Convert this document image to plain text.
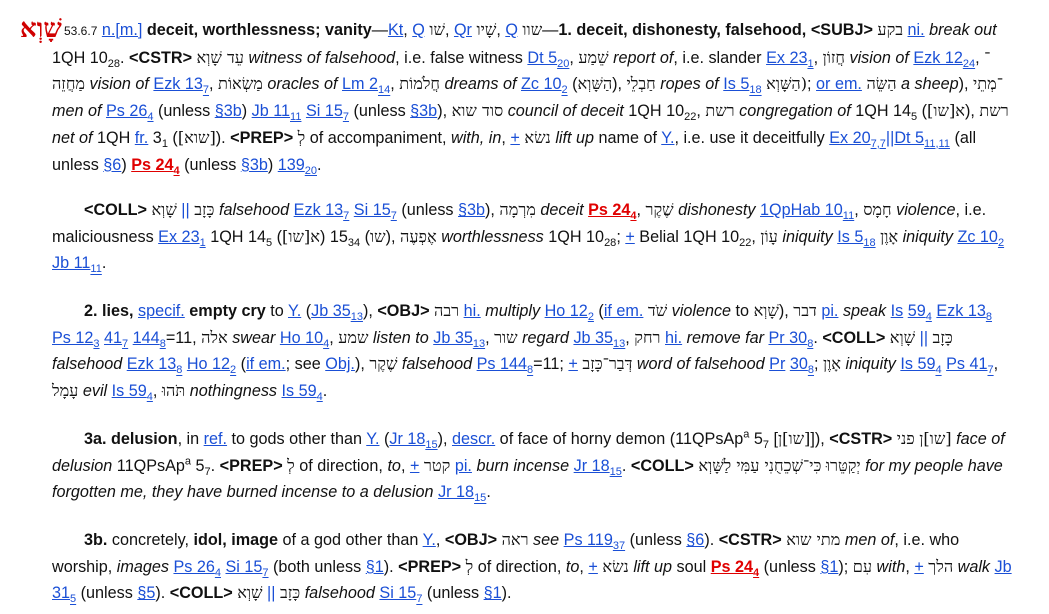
שָׁוְא 53.6.7 n.[m.] deceit, worthlessness; vanity—Kt, Q שׁו, Qr שָׁיו, Q שוו—1. deceit, dishonesty, falsehood, <SUBJ> בקע ni. break out 1QH $10_{28}$. <CSTR> עֵד שָׁוְא witness of falsehood, i.e. false witness Dt $5_{20}$, שֵׁמַע report of, i.e. slander Ex $23_1$, חֲזוֹן vision of Ezk $12_{24}$, ־מַחֲזֵה vision of Ezk $13_7$, מַשְׂאוֹת oracles of Lm $2_{14}$, חֲלֹמוֹת dreams of Zc $10_2$ (הַשָּׁוְא), חַבְלֵי ropes of Is $5_{18}$ (הַשָּׁוְא; or em. הַשֵּׂה a sheep), ־מְתֵי men of Ps $26_4$ (unless §3b) Jb $11_{11}$ Si $15_7$ (unless §3b), סוד שוא council of deceit 1QH $10_{22}$, רשת congregation of 1QH $14_5$ (א[שו]), רשת net of 1QH fr. $3_1$ ([שוא]). <PREP> לְ of accompaniment, with, in, + נשׂא lift up name of Y., i.e. use it deceitfully Ex $20_{7,7}||Dt$ $5_{11,11}$ (all unless §6) Ps $24_4$ (unless §3b) $139_{20}$.
<COLL> שָׁוְא || כָּזָב falsehood Ezk $13_7$ Si $15_7$ (unless §3b), מִרְמָה deceit Ps $24_4$, שֶׁקֶר dishonesty 1QpHab $10_{11}$, חָמָס violence, i.e. maliciousness Ex $23_1$ 1QH $14_5$ (א[שו]) $15_{34}$ (שו), אֶפְעֶה worthlessness 1QH $10_{28}$; + Belial 1QH $10_{22}$, עָוֹן iniquity Is $5_{18}$ אָוֶן iniquity Zc $10_2$ Jb $11_{11}$.
2. lies, specif. empty cry to Y. (Jb $35_{13}$), <OBJ> רבה hi. multiply Ho $12_2$ (if em. שֹׁד violence to שָׁוְא), דבר pi. speak Is $59_4$ Ezk $13_8$ Ps $12_3$ $41_7$ $144_8=11$, אלה swear Ho $10_4$, שמע listen to Jb $35_{13}$, שור regard Jb $35_{13}$, רחק hi. remove far Pr $30_8$. <COLL> שָׁוְא || כָּזָב falsehood Ezk $13_8$ Ho $12_2$ (if em.; see Obj.), שֶׁקֶר falsehood Ps $144_8=11$; + דְּבַר־כָּזָב word of falsehood Pr $30_8$; אָוֶן iniquity Is $59_4$ Ps $41_7$, עָמָל evil Is $59_4$, תֹּהוּ nothingness Is $59_4$.
3a. delusion, in ref. to gods other than Y. (Jr $18_{15}$), descr. of face of horny demon (11QPsAp$^a$ $5_7$ [[שו]ן]), <CSTR> פני [שו]ן face of delusion 11QPsAp$^a$ $5_7$. <PREP> לְ of direction, to, + קטר pi. burn incense Jr $18_{15}$. <COLL> כִּי־שְׁכֵחֻנִי עַמִּי לַשָּׁוְא יְקַטֵּרוּ for my people have forgotten me, they have burned incense to a delusion Jr $18_{15}$.
3b. concretely, idol, image of a god other than Y., <OBJ> ראה see Ps $119_{37}$ (unless §6). <CSTR> מתי שוא men of, i.e. who worship, images Ps $26_4$ Si $15_7$ (both unless §1). <PREP> לְ of direction, to, + נשׂא lift up soul Ps $24_4$ (unless §1); עִם with, + הלך walk Jb $31_5$ (unless §5). <COLL> שָׁוְא || כָּזָב falsehood Si $15_7$ (unless §1).
